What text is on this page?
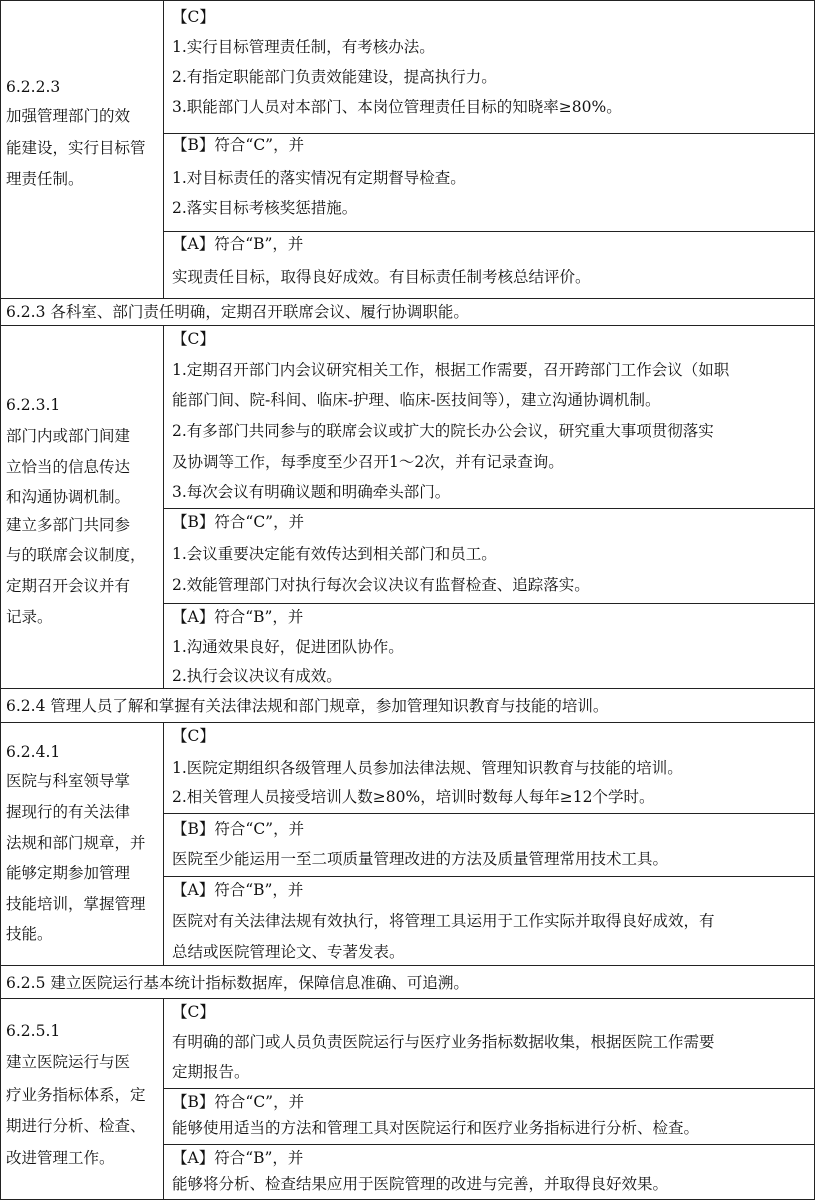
6.2.2.3
加强管理部门的效
能建设，实行目标管
理责任制。
【C】
1.实行目标管理责任制，有考核办法。
2.有指定职能部门负责效能建设，提高执行力。
3.职能部门人员对本部门、本岗位管理责任目标的知晓率≥80%。
【B】符合“C”，并
1.对目标责任的落实情况有定期督导检查。
2.落实目标考核奖惩措施。
【A】符合“B”，并
实现责任目标，取得良好成效。有目标责任制考核总结评价。
6.2.3 各科室、部门责任明确，定期召开联席会议、履行协调职能。
6.2.3.1
部门内或部门间建
立恰当的信息传达
和沟通协调机制。
建立多部门共同参
与的联席会议制度，
定期召开会议并有
记录。
【C】
1.定期召开部门内会议研究相关工作，根据工作需要，召开跨部门工作会议（如职
能部门间、院-科间、临床-护理、临床-医技间等），建立沟通协调机制。
2.有多部门共同参与的联席会议或扩大的院长办公会议，研究重大事项贯彻落实
及协调等工作，每季度至少召开1～2次，并有记录查询。
3.每次会议有明确议题和明确牵头部门。
【B】符合“C”，并
1.会议重要决定能有效传达到相关部门和员工。
2.效能管理部门对执行每次会议决议有监督检查、追踪落实。
【A】符合“B”，并
1.沟通效果良好，促进团队协作。
2.执行会议决议有成效。
6.2.4 管理人员了解和掌握有关法律法规和部门规章，参加管理知识教育与技能的培训。
6.2.4.1
医院与科室领导掌
握现行的有关法律
法规和部门规章，并
能够定期参加管理
技能培训，掌握管理
技能。
【C】
1.医院定期组织各级管理人员参加法律法规、管理知识教育与技能的培训。
2.相关管理人员接受培训人数≥80%，培训时数每人每年≥12个学时。
【B】符合“C”，并
医院至少能运用一至二项质量管理改进的方法及质量管理常用技术工具。
【A】符合“B”，并
医院对有关法律法规有效执行，将管理工具运用于工作实际并取得良好成效，有
总结或医院管理论文、专著发表。
6.2.5 建立医院运行基本统计指标数据库，保障信息准确、可追溯。
6.2.5.1
建立医院运行与医
疗业务指标体系，定
期进行分析、检查、
改进管理工作。
【C】
有明确的部门或人员负责医院运行与医疗业务指标数据收集，根据医院工作需要
定期报告。
【B】符合“C”，并
能够使用适当的方法和管理工具对医院运行和医疗业务指标进行分析、检查。
【A】符合“B”，并
能够将分析、检查结果应用于医院管理的改进与完善，并取得良好效果。
